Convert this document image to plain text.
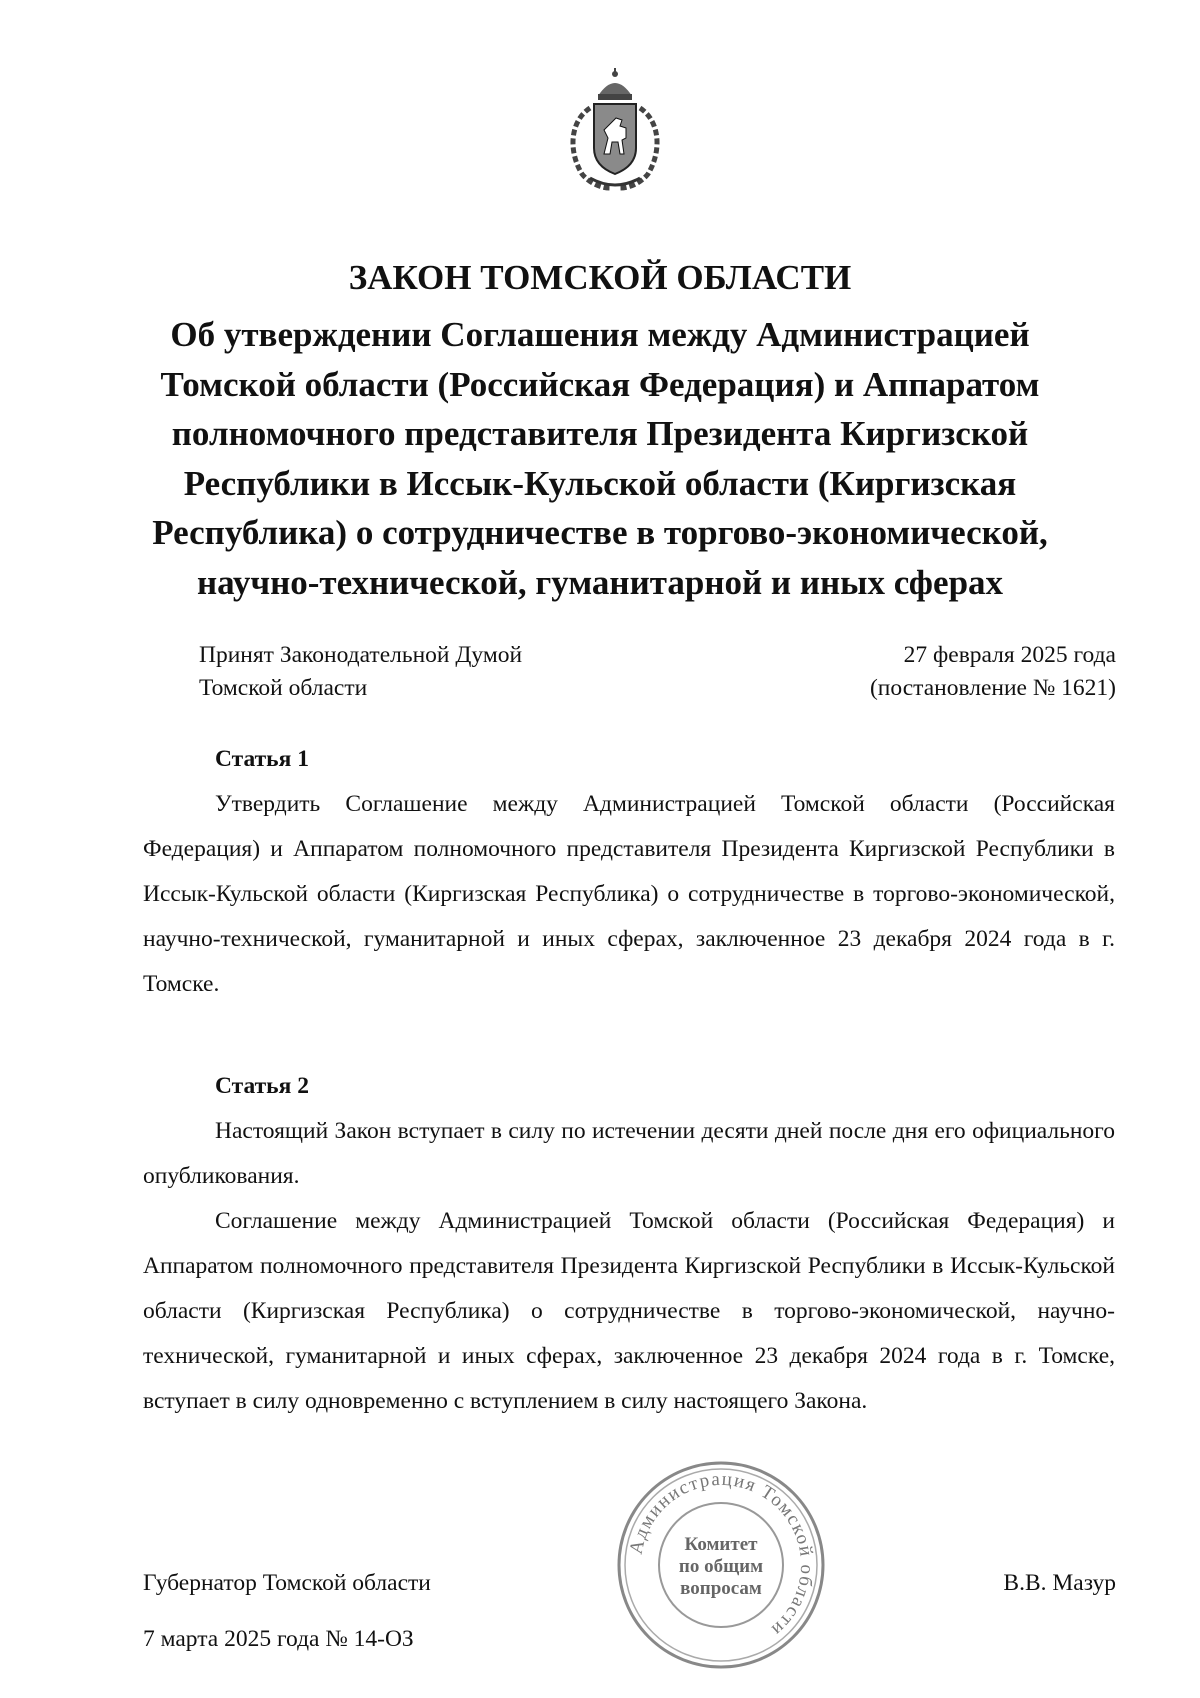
ЗАКОН ТОМСКОЙ ОБЛАСТИ
Об утверждении Соглашения между Администрацией Томской области (Российская Федерация) и Аппаратом полномочного представителя Президента Киргизской Республики в Иссык-Кульской области (Киргизская Республика) о сотрудничестве в торгово-экономической, научно-технической, гуманитарной и иных сферах
Принят Законодательной Думой
Томской области
27 февраля 2025 года
(постановление № 1621)
Статья 1

Утвердить Соглашение между Администрацией Томской области (Российская Федерация) и Аппаратом полномочного представителя Президента Киргизской Республики в Иссык-Кульской области (Киргизская Республика) о сотрудничестве в торгово-экономической, научно-технической, гуманитарной и иных сферах, заключенное 23 декабря 2024 года в г. Томске.

Статья 2

Настоящий Закон вступает в силу по истечении десяти дней после дня его официального опубликования.

Соглашение между Администрацией Томской области (Российская Федерация) и Аппаратом полномочного представителя Президента Киргизской Республики в Иссык-Кульской области (Киргизская Республика) о сотрудничестве в торгово-экономической, научно-технической, гуманитарной и иных сферах, заключенное 23 декабря 2024 года в г. Томске, вступает в силу одновременно с вступлением в силу настоящего Закона.

Губернатор Томской области
7 марта 2025 года № 14-ОЗ
В.В. Мазур
Администрация Томской области
Комитет
по общим
вопросам
